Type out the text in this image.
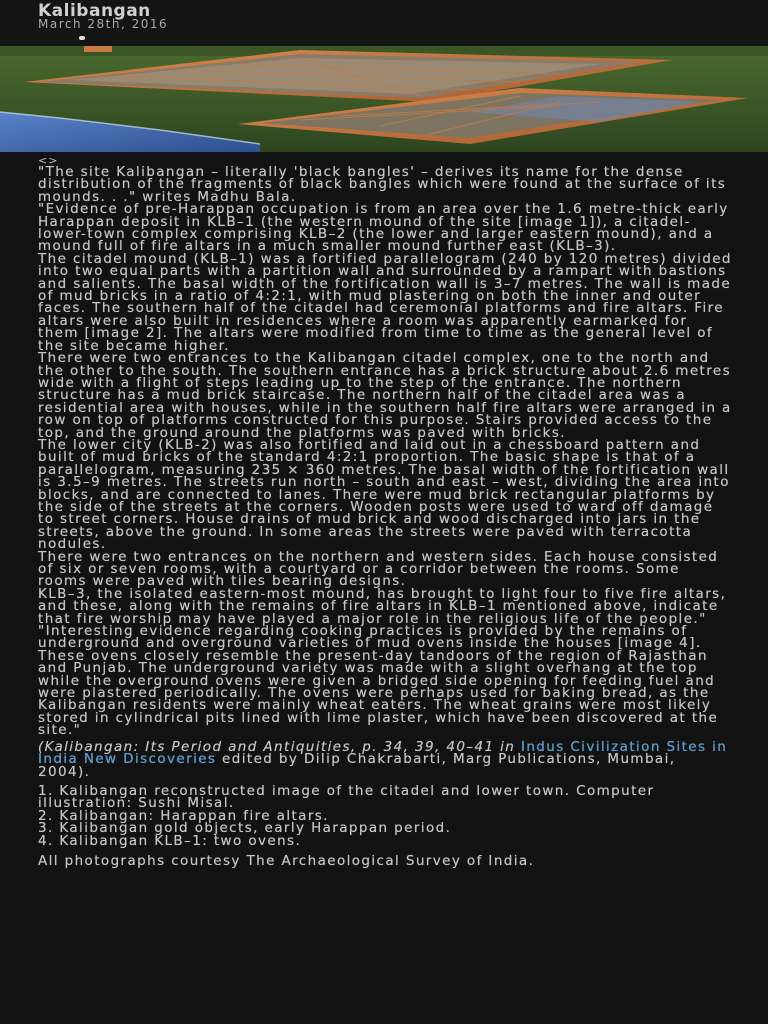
Kalibangan
March 28th, 2016
<>

"The site Kalibangan – literally 'black bangles' – derives its name for the dense distribution of the fragments of black bangles which were found at the surface of its mounds. . ." writes Madhu Bala.

"Evidence of pre-Harappan occupation is from an area over the 1.6 metre-thick early Harappan deposit in KLB–1 (the western mound of the site [image 1]), a citadel-lower-town complex comprising KLB–2 (the lower and larger eastern mound), and a mound full of fire altars in a much smaller mound further east (KLB–3).

The citadel mound (KLB–1) was a fortified parallelogram (240 by 120 metres) divided into two equal parts with a partition wall and surrounded by a rampart with bastions and salients. The basal width of the fortification wall is 3–7 metres. The wall is made of mud bricks in a ratio of 4:2:1, with mud plastering on both the inner and outer faces. The southern half of the citadel had ceremonial platforms and fire altars. Fire altars were also built in residences where a room was apparently earmarked for them [image 2]. The altars were modified from time to time as the general level of the site became higher.

There were two entrances to the Kalibangan citadel complex, one to the north and the other to the south. The southern entrance has a brick structure about 2.6 metres wide with a flight of steps leading up to the step of the entrance. The northern structure has a mud brick staircase. The northern half of the citadel area was a residential area with houses, while in the southern half fire altars were arranged in a row on top of platforms constructed for this purpose. Stairs provided access to the top, and the ground around the platforms was paved with bricks.

The lower city (KLB-2) was also fortified and laid out in a chessboard pattern and built of mud bricks of the standard 4:2:1 proportion. The basic shape is that of a parallelogram, measuring 235 × 360 metres. The basal width of the fortification wall is 3.5–9 metres. The streets run north – south and east – west, dividing the area into blocks, and are connected to lanes. There were mud brick rectangular platforms by the side of the streets at the corners. Wooden posts were used to ward off damage to street corners. House drains of mud brick and wood discharged into jars in the streets, above the ground. In some areas the streets were paved with terracotta nodules.

There were two entrances on the northern and western sides. Each house consisted of six or seven rooms, with a courtyard or a corridor between the rooms. Some rooms were paved with tiles bearing designs.

KLB–3, the isolated eastern-most mound, has brought to light four to five fire altars, and these, along with the remains of fire altars in KLB–1 mentioned above, indicate that fire worship may have played a major role in the religious life of the people."

"Interesting evidence regarding cooking practices is provided by the remains of underground and overground varieties of mud ovens inside the houses [image 4]. These ovens closely resemble the present-day tandoors of the region of Rajasthan and Punjab. The underground variety was made with a slight overhang at the top while the overground ovens were given a bridged side opening for feeding fuel and were plastered periodically. The ovens were perhaps used for baking bread, as the Kalibangan residents were mainly wheat eaters. The wheat grains were most likely stored in cylindrical pits lined with lime plaster, which have been discovered at the site."

(Kalibangan: Its Period and Antiquities, p. 34, 39, 40–41 in Indus Civilization Sites in India New Discoveries edited by Dilip Chakrabarti, Marg Publications, Mumbai, 2004).

1. Kalibangan reconstructed image of the citadel and lower town. Computer illustration: Sushi Misal.

2. Kalibangan: Harappan fire altars.

3. Kalibangan gold objects, early Harappan period.

4. Kalibangan KLB–1: two ovens.

All photographs courtesy The Archaeological Survey of India.
